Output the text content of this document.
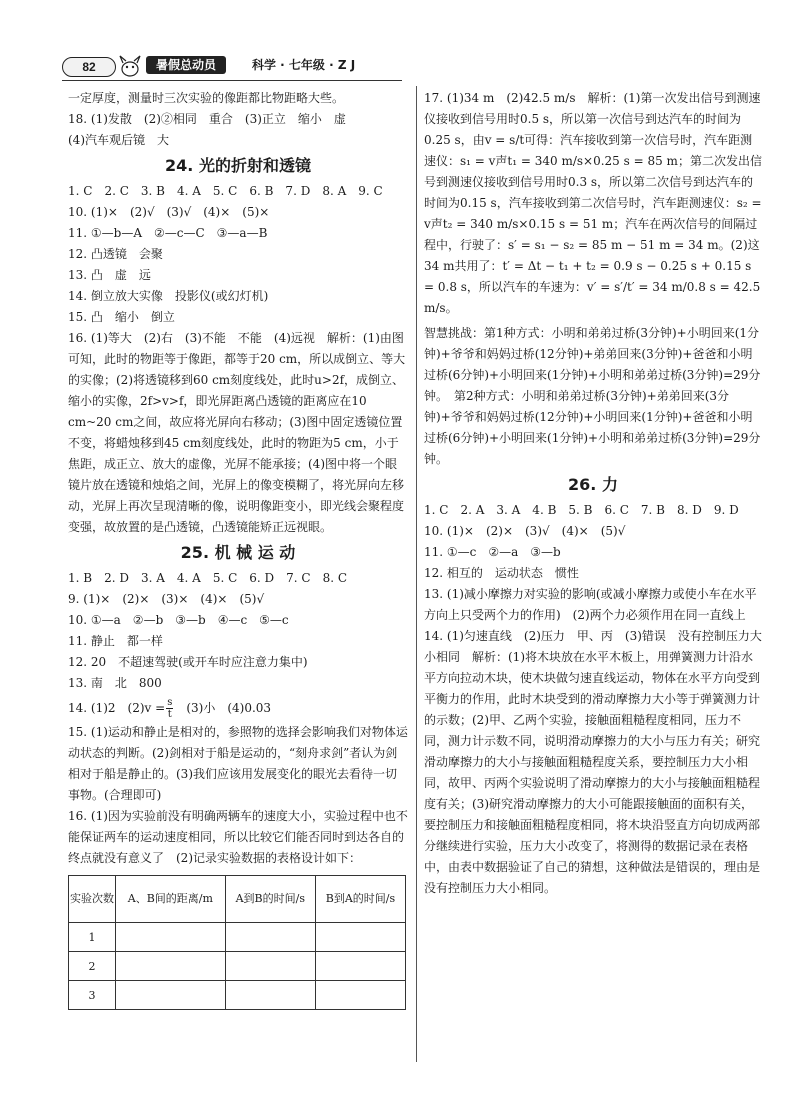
82	暑假总动员	科学 · 七年级 · Z J
一定厚度，测量时三次实验的像距都比物距略大些。
18. (1)发散　(2)②相同　重合　(3)正立　缩小　虚
(4)汽车观后镜　大
24. 光的折射和透镜
1. C　2. C　3. B　4. A　5. C　6. B　7. D　8. A　9. C
10. (1)×　(2)√　(3)√　(4)×　(5)×
11. ①—b—A　②—c—C　③—a—B
12. 凸透镜　会聚
13. 凸　虚　远
14. 倒立放大实像　投影仪(或幻灯机)
15. 凸　缩小　倒立
16. (1)等大　(2)右　(3)不能　不能　(4)远视　解析：(1)由图可知，此时的物距等于像距，都等于20 cm，所以成倒立、等大的实像；(2)将透镜移到60 cm刻度线处，此时u>2f，成倒立、缩小的实像，2f>v>f，即光屏距离凸透镜的距离应在10 cm~20 cm之间，故应将光屏向右移动；(3)图中固定透镜位置不变，将蜡烛移到45 cm刻度线处，此时的物距为5 cm，小于焦距，成正立、放大的虚像，光屏不能承接；(4)图中将一个眼镜片放在透镜和烛焰之间，光屏上的像变模糊了，将光屏向左移动，光屏上再次呈现清晰的像，说明像距变小，即光线会聚程度变强，故放置的是凸透镜，凸透镜能矫正远视眼。
25. 机 械 运 动
1. B　2. D　3. A　4. A　5. C　6. D　7. C　8. C
9. (1)×　(2)×　(3)×　(4)×　(5)√
10. ①—a　②—b　③—b　④—c　⑤—c
11. 静止　都一样
12. 20　不超速驾驶(或开车时应注意力集中)
13. 南　北　800
14. (1)2　$(2)v = \frac{s}{t}$ 　(3)小　(4)0.03
15. (1)运动和静止是相对的，参照物的选择会影响我们对物体运动状态的判断。(2)剑相对于船是运动的，“刻舟求剑”者认为剑相对于船是静止的。(3)我们应该用发展变化的眼光去看待一切事物。(合理即可)
16. (1)因为实验前没有明确两辆车的速度大小，实验过程中也不能保证两车的运动速度相同，所以比较它们能否同时到达各自的终点就没有意义了　(2)记录实验数据的表格设计如下：
实验次数	A、B间的距离/m	A到B的时间/s	B到A的时间/s
1			
2			
3			
17. (1)34 m　(2)42.5 m/s　解析：(1)第一次发出信号到测速仪接收到信号用时0.5 s，所以第一次信号到达汽车的时间为0.25 s，由v = s/t可得：汽车接收到第一次信号时，汽车距测速仪：s₁ = v声t₁ = 340 m/s×0.25 s = 85 m；第二次发出信号到测速仪接收到信号用时0.3 s，所以第二次信号到达汽车的时间为0.15 s，汽车接收到第二次信号时，汽车距测速仪：s₂ = v声t₂ = 340 m/s×0.15 s = 51 m；汽车在两次信号的间隔过程中，行驶了：s′ = s₁ − s₂ = 85 m − 51 m = 34 m。(2)这34 m共用了：t′ = Δt − t₁ + t₂ = 0.9 s − 0.25 s + 0.15 s = 0.8 s，所以汽车的车速为：v′ = s′/t′ = 34 m/0.8 s = 42.5 m/s。
智慧挑战：第1种方式：小明和弟弟过桥(3分钟)+小明回来(1分钟)+爷爷和妈妈过桥(12分钟)+弟弟回来(3分钟)+爸爸和小明过桥(6分钟)+小明回来(1分钟)+小明和弟弟过桥(3分钟)=29分钟。　第2种方式：小明和弟弟过桥(3分钟)+弟弟回来(3分钟)+爷爷和妈妈过桥(12分钟)+小明回来(1分钟)+爸爸和小明过桥(6分钟)+小明回来(1分钟)+小明和弟弟过桥(3分钟)=29分钟。
26. 力
1. C　2. A　3. A　4. B　5. B　6. C　7. B　8. D　9. D
10. (1)×　(2)×　(3)√　(4)×　(5)√
11. ①—c　②—a　③—b
12. 相互的　运动状态　惯性
13. (1)减小摩擦力对实验的影响(或减小摩擦力或使小车在水平方向上只受两个力的作用)　(2)两个力必须作用在同一直线上
14. (1)匀速直线　(2)压力　甲、丙　(3)错误　没有控制压力大小相同　解析：(1)将木块放在水平木板上，用弹簧测力计沿水平方向拉动木块，使木块做匀速直线运动，物体在水平方向受到平衡力的作用，此时木块受到的滑动摩擦力大小等于弹簧测力计的示数；(2)甲、乙两个实验，接触面粗糙程度相同，压力不同，测力计示数不同，说明滑动摩擦力的大小与压力有关；研究滑动摩擦力的大小与接触面粗糙程度关系，要控制压力大小相同，故甲、丙两个实验说明了滑动摩擦力的大小与接触面粗糙程度有关；(3)研究滑动摩擦力的大小可能跟接触面的面积有关，要控制压力和接触面粗糙程度相同，将木块沿竖直方向切成两部分继续进行实验，压力大小改变了，将测得的数据记录在表格中，由表中数据验证了自己的猜想，这种做法是错误的，理由是没有控制压力大小相同。
